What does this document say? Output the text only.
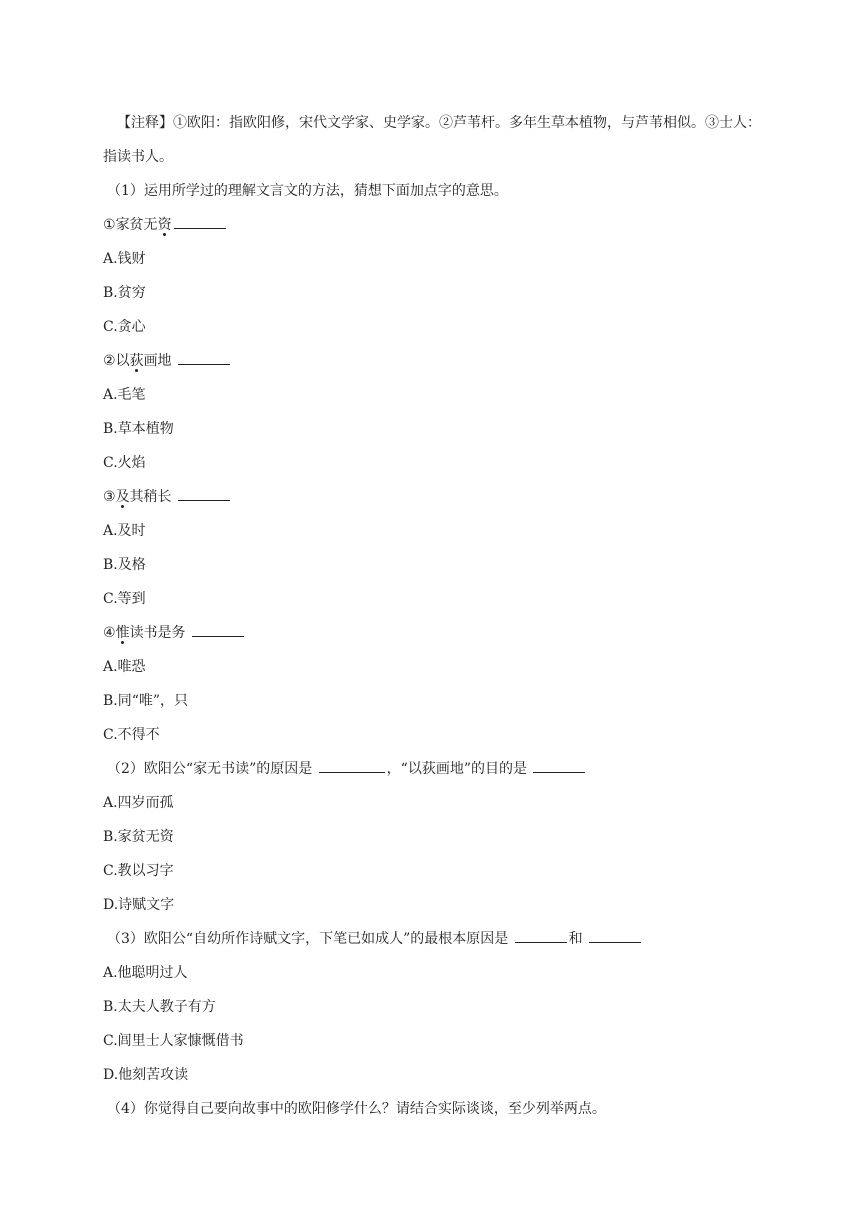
【注释】①欧阳：指欧阳修，宋代文学家、史学家。②芦苇杆。多年生草本植物，与芦苇相似。③士人：指读书人。

（1）运用所学过的理解文言文的方法，猜想下面加点字的意思。

①家贫无资

A.钱财

B.贫穷

C.贪心

②以荻画地

A.毛笔

B.草本植物

C.火焰

③及其稍长

A.及时

B.及格

C.等到

④惟读书是务

A.唯恐

B.同“唯”，只

C.不得不

（2）欧阳公“家无书读”的原因是	，“以荻画地”的目的是

A.四岁而孤

B.家贫无资

C.教以习字

D.诗赋文字

（3）欧阳公“自幼所作诗赋文字，下笔已如成人”的最根本原因是	和

A.他聪明过人

B.太夫人教子有方

C.闾里士人家慷慨借书

D.他刻苦攻读

（4）你觉得自己要向故事中的欧阳修学什么？请结合实际谈谈，至少列举两点。
